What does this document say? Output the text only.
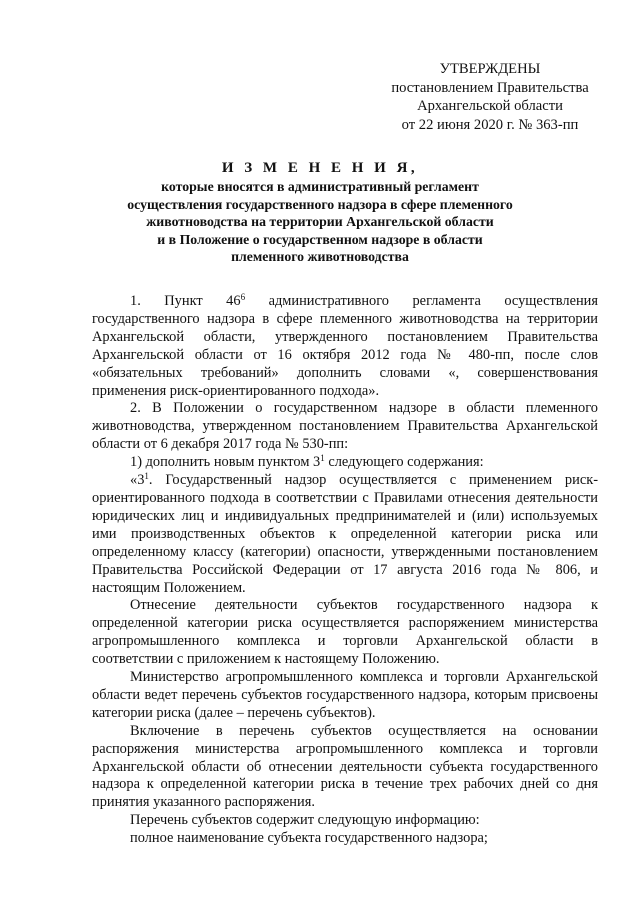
УТВЕРЖДЕНЫ
постановлением Правительства
Архангельской области
от 22 июня 2020 г. № 363-пп
И З М Е Н Е Н И Я,
которые вносятся в административный регламент
осуществления государственного надзора в сфере племенного
животноводства на территории Архангельской области
и в Положение о государственном надзоре в области
племенного животноводства

1. Пункт $46^6$ административного регламента осуществления государственного надзора в сфере племенного животноводства на территории Архангельской области, утвержденного постановлением Правительства Архангельской области от 16 октября 2012 года № 480-пп, после слов «обязательных требований» дополнить словами «, совершенствования применения риск-ориентированного подхода».

2. В Положении о государственном надзоре в области племенного животноводства, утвержденном постановлением Правительства Архангельской области от 6 декабря 2017 года № 530-пп:

1) дополнить новым пунктом $3^1$ следующего содержания:

«$3^1$. Государственный надзор осуществляется с применением риск-ориентированного подхода в соответствии с Правилами отнесения деятельности юридических лиц и индивидуальных предпринимателей и (или) используемых ими производственных объектов к определенной категории риска или определенному классу (категории) опасности, утвержденными постановлением Правительства Российской Федерации от 17 августа 2016 года № 806, и настоящим Положением.

Отнесение деятельности субъектов государственного надзора к определенной категории риска осуществляется распоряжением министерства агропромышленного комплекса и торговли Архангельской области в соответствии с приложением к настоящему Положению.

Министерство агропромышленного комплекса и торговли Архангельской области ведет перечень субъектов государственного надзора, которым присвоены категории риска (далее – перечень субъектов).

Включение в перечень субъектов осуществляется на основании распоряжения министерства агропромышленного комплекса и торговли Архангельской области об отнесении деятельности субъекта государственного надзора к определенной категории риска в течение трех рабочих дней со дня принятия указанного распоряжения.

Перечень субъектов содержит следующую информацию:

полное наименование субъекта государственного надзора;
